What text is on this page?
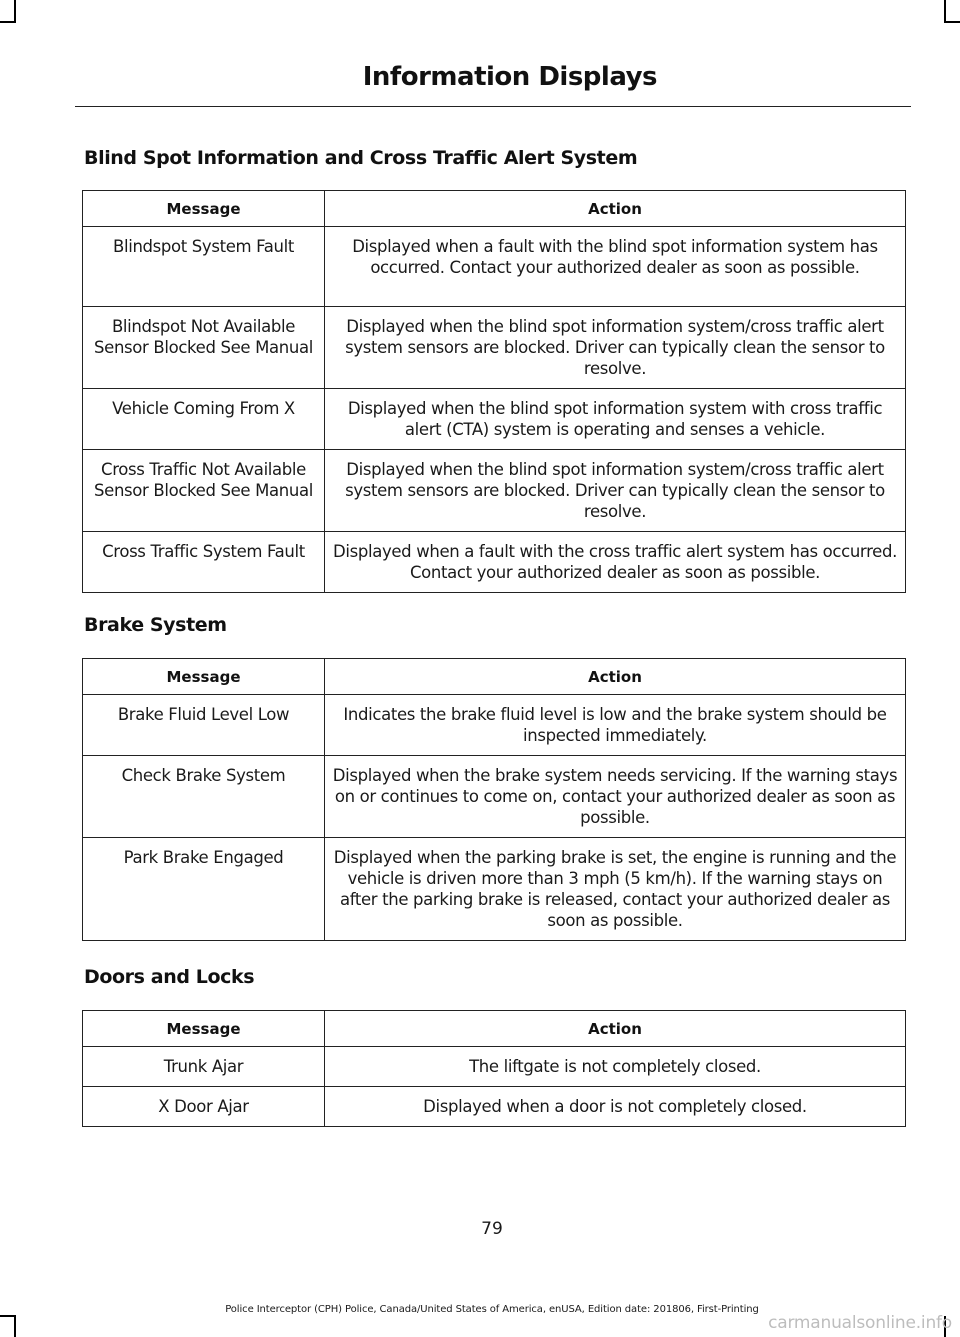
Information Displays
Blind Spot Information and Cross Traffic Alert System
Message	Action
Blindspot System Fault	Displayed when a fault with the blind spot information system has occurred. Contact your authorized dealer as soon as possible.
Blindspot Not Available Sensor Blocked See Manual	Displayed when the blind spot information system/cross traffic alert system sensors are blocked. Driver can typically clean the sensor to resolve.
Vehicle Coming From X	Displayed when the blind spot information system with cross traffic alert (CTA) system is operating and senses a vehicle.
Cross Traffic Not Available Sensor Blocked See Manual	Displayed when the blind spot information system/cross traffic alert system sensors are blocked. Driver can typically clean the sensor to resolve.
Cross Traffic System Fault	Displayed when a fault with the cross traffic alert system has occurred. Contact your authorized dealer as soon as possible.
Brake System
Message	Action
Brake Fluid Level Low	Indicates the brake fluid level is low and the brake system should be inspected immediately.
Check Brake System	Displayed when the brake system needs servicing. If the warning stays on or continues to come on, contact your authorized dealer as soon as possible.
Park Brake Engaged	Displayed when the parking brake is set, the engine is running and the vehicle is driven more than 3 mph (5 km/h). If the warning stays on after the parking brake is released, contact your authorized dealer as soon as possible.
Doors and Locks
Message	Action
Trunk Ajar	The liftgate is not completely closed.
X Door Ajar	Displayed when a door is not completely closed.
79
Police Interceptor (CPH) Police, Canada/United States of America, enUSA, Edition date: 201806, First-Printing
carmanualsonline.info
